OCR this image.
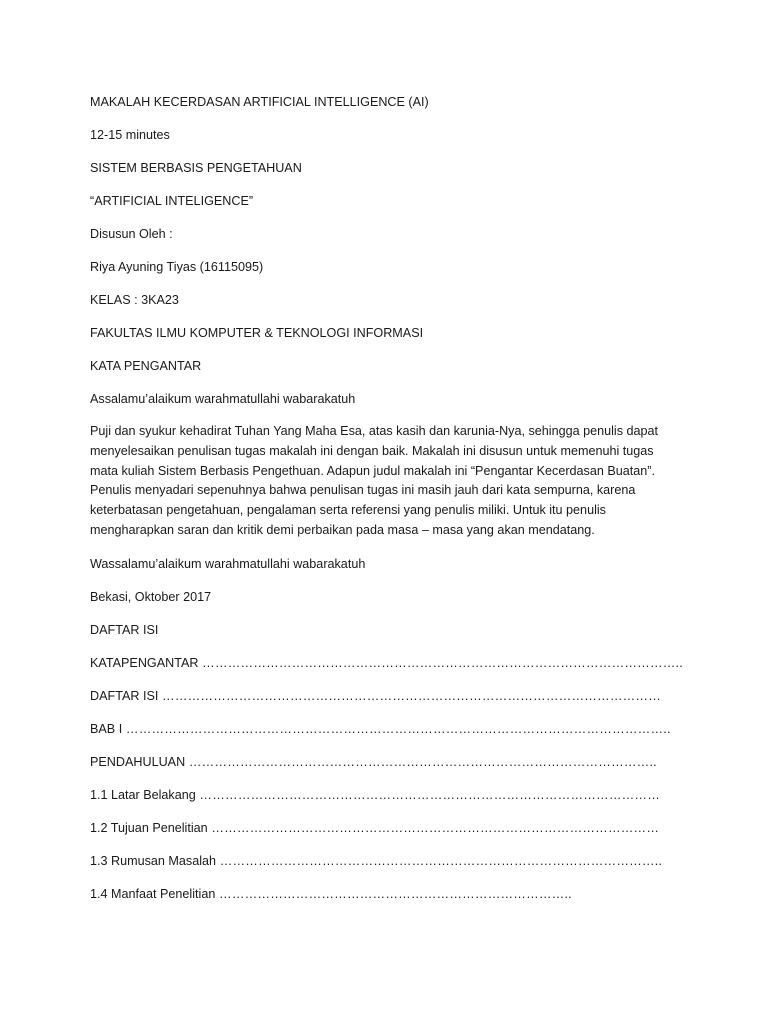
MAKALAH KECERDASAN ARTIFICIAL INTELLIGENCE (AI)
12-15 minutes
SISTEM BERBASIS PENGETAHUAN
“ARTIFICIAL INTELIGENCE”
Disusun Oleh :
Riya Ayuning Tiyas (16115095)
KELAS : 3KA23
FAKULTAS ILMU KOMPUTER & TEKNOLOGI INFORMASI
KATA PENGANTAR
Assalamu’alaikum warahmatullahi wabarakatuh
Puji dan syukur kehadirat Tuhan Yang Maha Esa, atas kasih dan karunia-Nya, sehingga penulis dapat
menyelesaikan penulisan tugas makalah ini dengan baik. Makalah ini disusun untuk memenuhi tugas
mata kuliah Sistem Berbasis Pengethuan. Adapun judul makalah ini “Pengantar Kecerdasan Buatan”.
Penulis menyadari sepenuhnya bahwa penulisan tugas ini masih jauh dari kata sempurna, karena
keterbatasan pengetahuan, pengalaman serta referensi yang penulis miliki. Untuk itu penulis
mengharapkan saran dan kritik demi perbaikan pada masa – masa yang akan mendatang.
Wassalamu’alaikum warahmatullahi wabarakatuh
Bekasi, Oktober 2017
DAFTAR ISI
KATAPENGANTAR …………………………………………………………………………………………………..
DAFTAR ISI ………………………………………………………………………………………………………
BAB I ………………………………………………………………………………………………………………..
PENDAHULUAN ………………………………………………………………………………………………..
1.1 Latar Belakang ………………………………………………………………………………………………
1.2 Tujuan Penelitian ……………………………………………………………………………………………
1.3 Rumusan Masalah …………………………………………………………………………………………..
1.4 Manfaat Penelitian ………………………………………………………………………..
